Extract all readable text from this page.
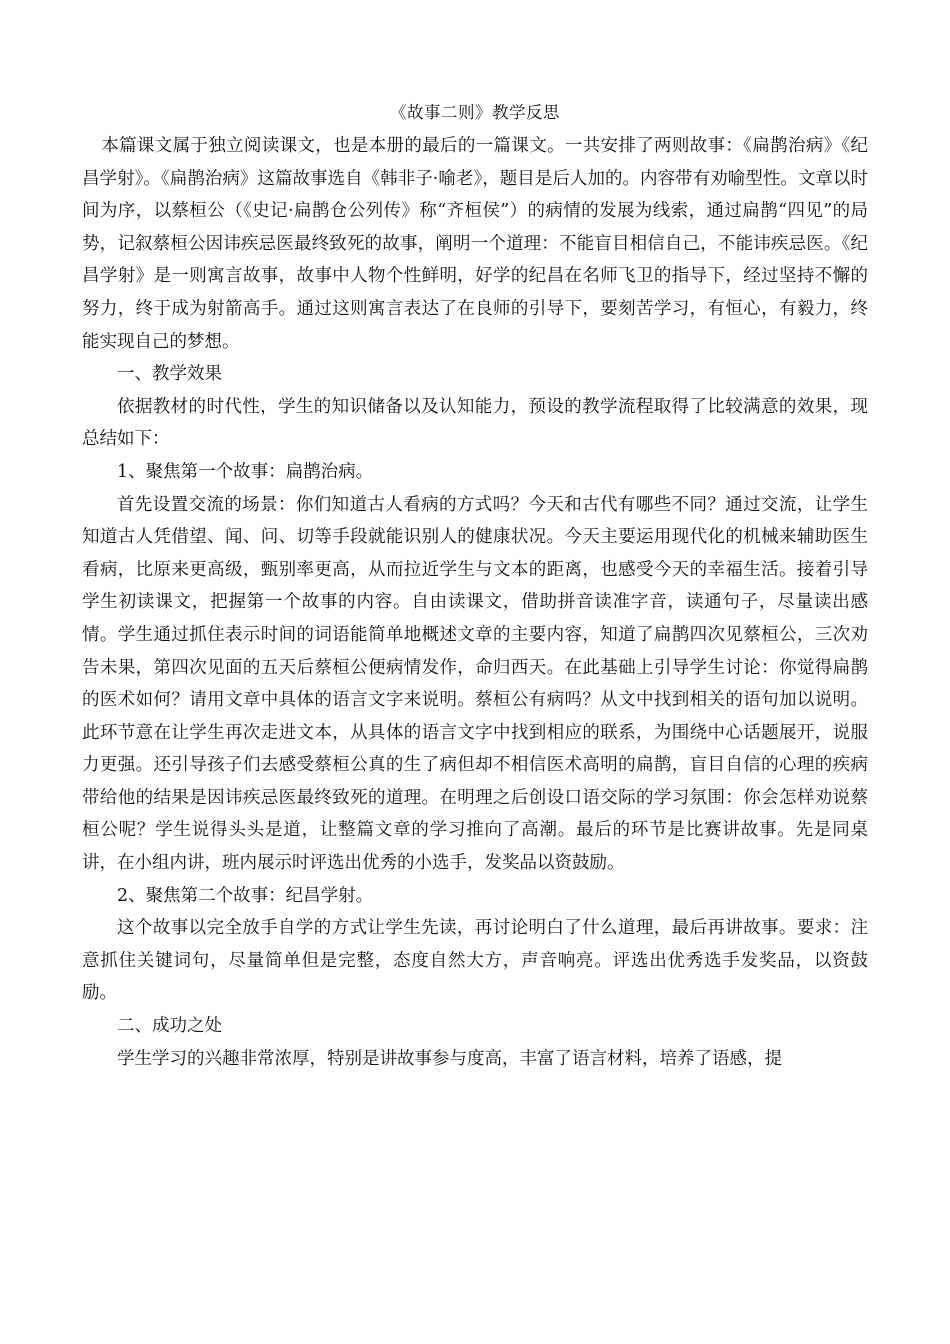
《故事二则》教学反思

本篇课文属于独立阅读课文，也是本册的最后的一篇课文。一共安排了两则故事：《扁鹊治病》《纪昌学射》。《扁鹊治病》这篇故事选自《韩非子·喻老》，题目是后人加的。内容带有劝喻型性。文章以时间为序，以蔡桓公（《史记·扁鹊仓公列传》称“齐桓侯”）的病情的发展为线索，通过扁鹊“四见”的局势，记叙蔡桓公因讳疾忌医最终致死的故事，阐明一个道理：不能盲目相信自己，不能讳疾忌医。《纪昌学射》是一则寓言故事，故事中人物个性鲜明，好学的纪昌在名师飞卫的指导下，经过坚持不懈的努力，终于成为射箭高手。通过这则寓言表达了在良师的引导下，要刻苦学习，有恒心，有毅力，终能实现自己的梦想。

一、教学效果

依据教材的时代性，学生的知识储备以及认知能力，预设的教学流程取得了比较满意的效果，现总结如下：

1、聚焦第一个故事：扁鹊治病。

首先设置交流的场景：你们知道古人看病的方式吗？今天和古代有哪些不同？通过交流，让学生知道古人凭借望、闻、问、切等手段就能识别人的健康状况。今天主要运用现代化的机械来辅助医生看病，比原来更高级，甄别率更高，从而拉近学生与文本的距离，也感受今天的幸福生活。接着引导学生初读课文，把握第一个故事的内容。自由读课文，借助拼音读准字音，读通句子，尽量读出感情。学生通过抓住表示时间的词语能简单地概述文章的主要内容，知道了扁鹊四次见蔡桓公，三次劝告未果，第四次见面的五天后蔡桓公便病情发作，命归西天。在此基础上引导学生讨论：你觉得扁鹊的医术如何？请用文章中具体的语言文字来说明。蔡桓公有病吗？从文中找到相关的语句加以说明。此环节意在让学生再次走进文本，从具体的语言文字中找到相应的联系，为围绕中心话题展开，说服力更强。还引导孩子们去感受蔡桓公真的生了病但却不相信医术高明的扁鹊，盲目自信的心理的疾病带给他的结果是因讳疾忌医最终致死的道理。在明理之后创设口语交际的学习氛围：你会怎样劝说蔡桓公呢？学生说得头头是道，让整篇文章的学习推向了高潮。最后的环节是比赛讲故事。先是同桌讲，在小组内讲，班内展示时评选出优秀的小选手，发奖品以资鼓励。

2、聚焦第二个故事：纪昌学射。

这个故事以完全放手自学的方式让学生先读，再讨论明白了什么道理，最后再讲故事。要求：注意抓住关键词句，尽量简单但是完整，态度自然大方，声音响亮。评选出优秀选手发奖品，以资鼓励。

二、成功之处

学生学习的兴趣非常浓厚，特别是讲故事参与度高，丰富了语言材料，培养了语感，提
